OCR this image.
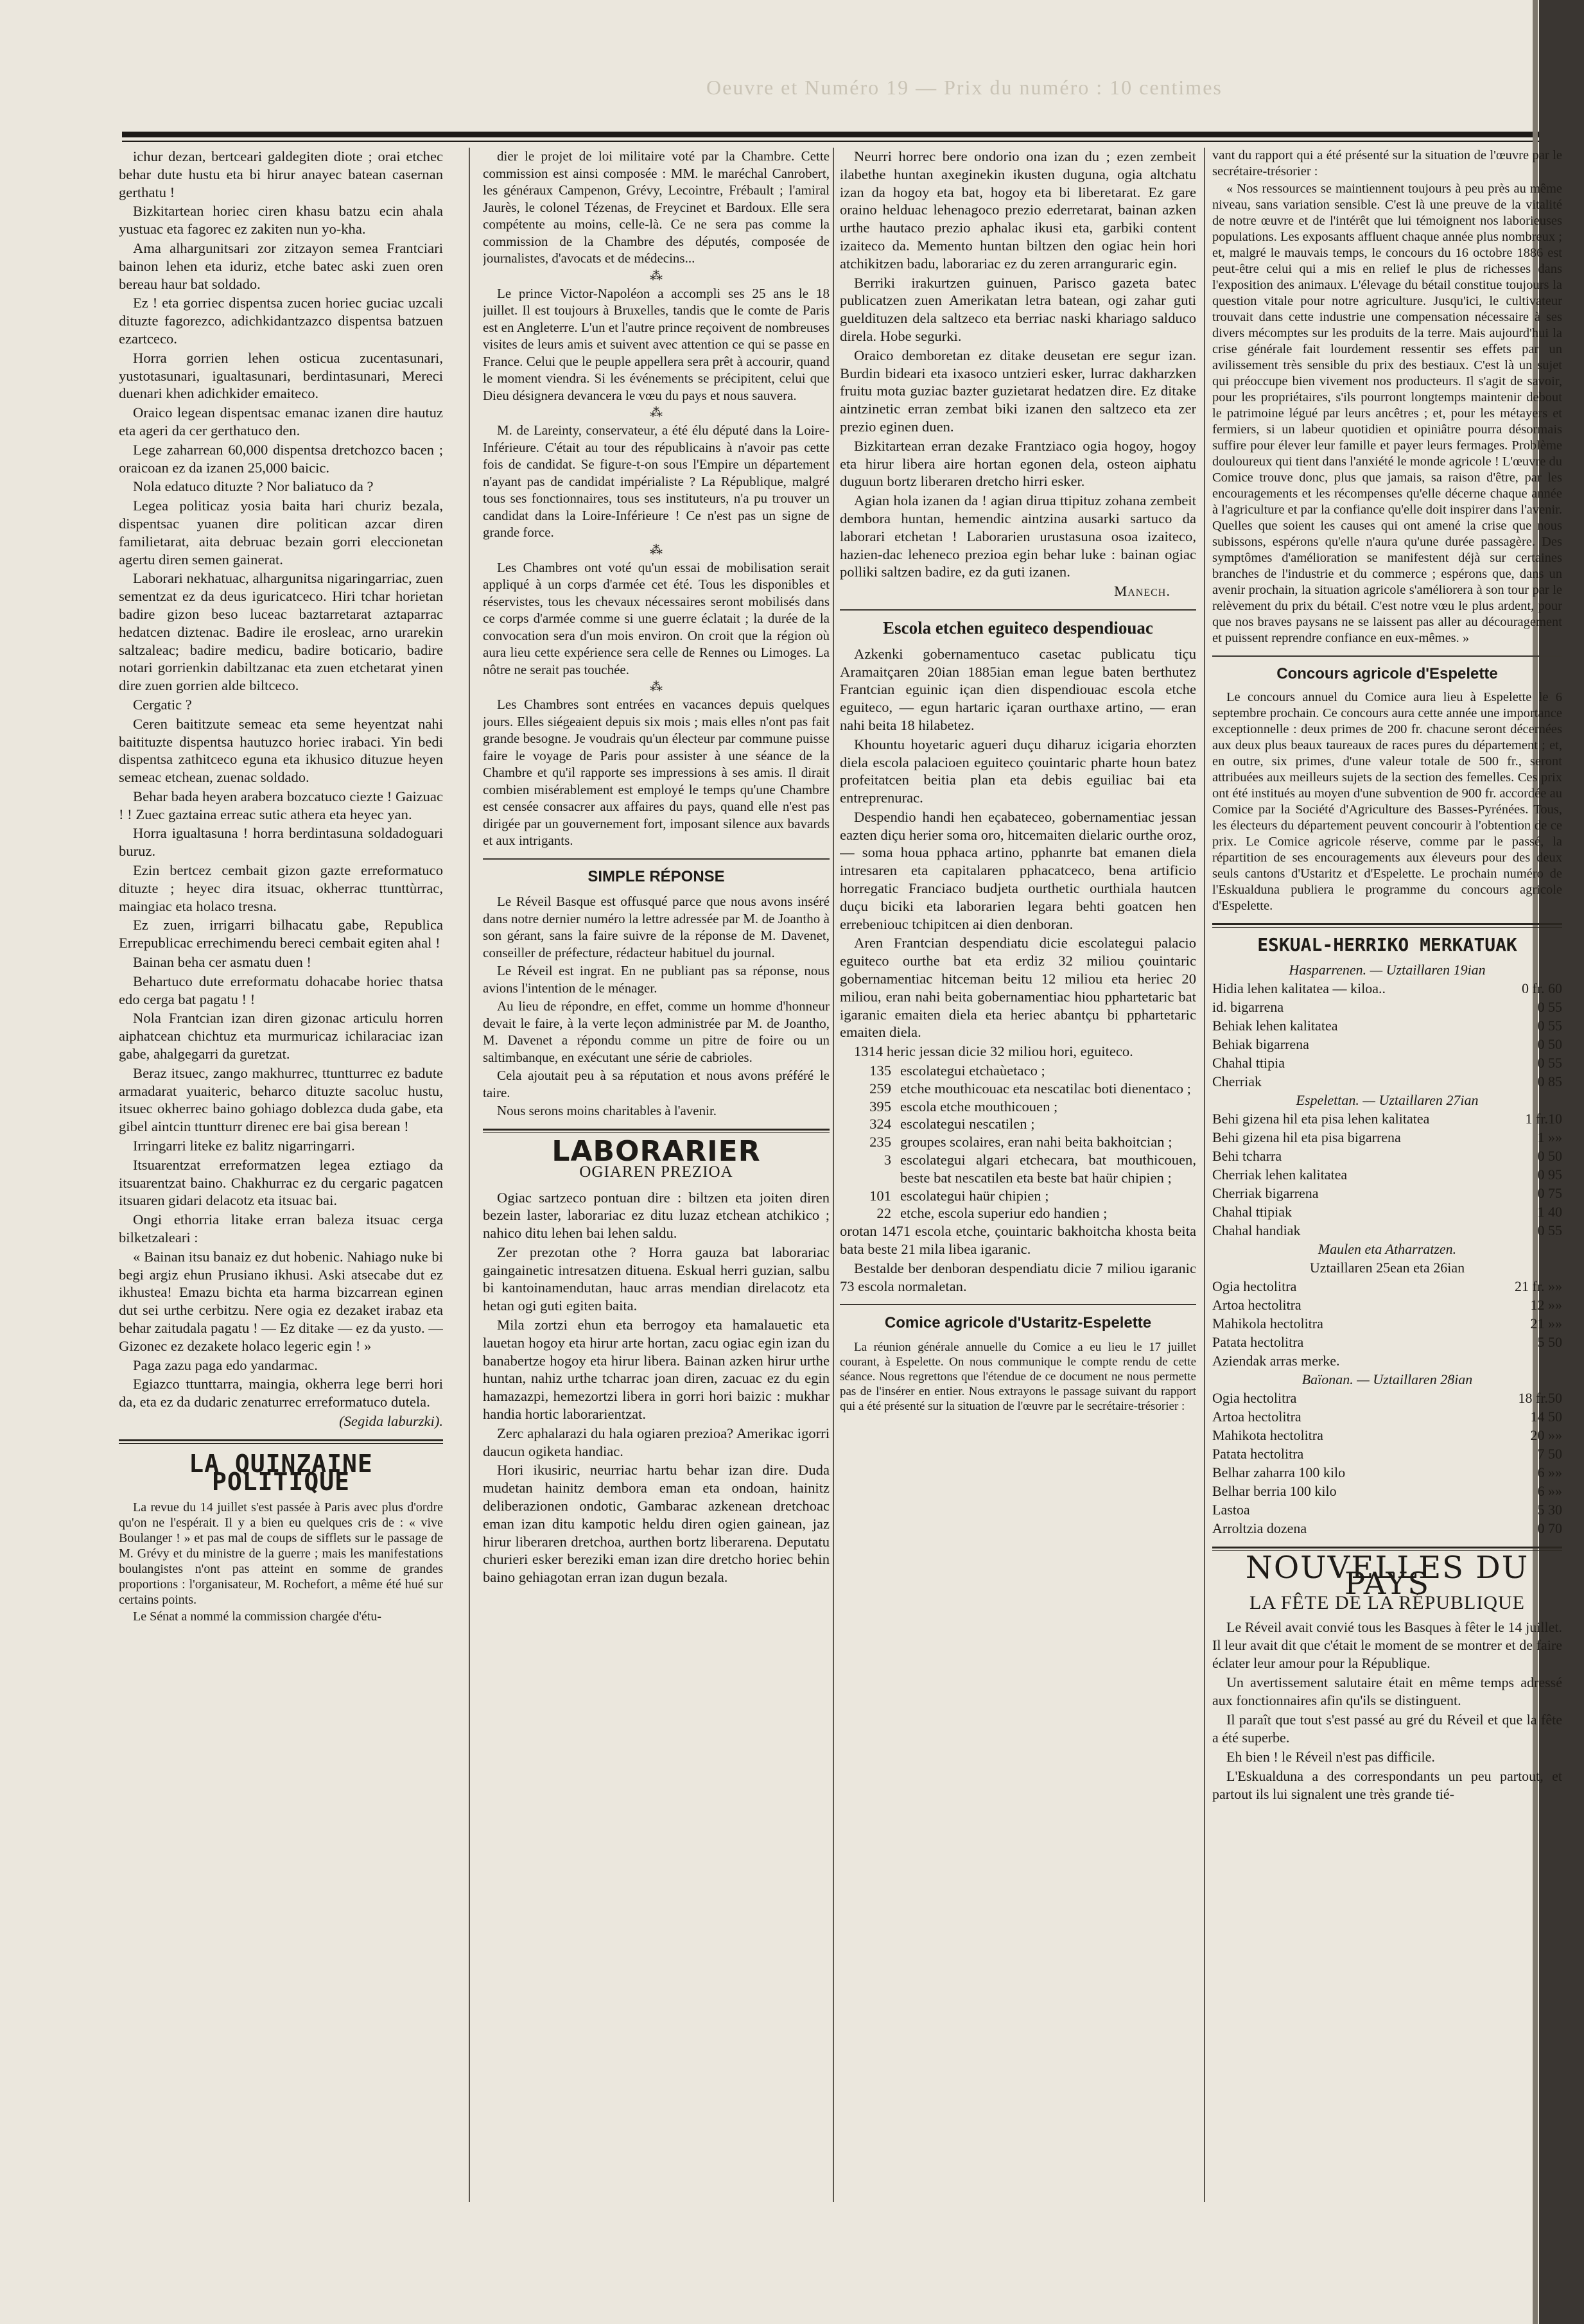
Oeuvre et Numéro 19 — Prix du numéro : 10 centimes

ichur dezan, bertceari galdegiten diote ; orai etchec behar dute hustu eta bi hirur anayec batean casernan gerthatu !

Bizkitartean horiec ciren khasu batzu ecin ahala yustuac eta fagorec ez zakiten nun yo-kha.

Ama alhargunitsari zor zitzayon semea Frantciari bainon lehen eta iduriz, etche batec aski zuen oren bereau haur bat soldado.

Ez ! eta gorriec dispentsa zucen horiec guciac uzcali dituzte fagorezco, adichkidantzazco dispentsa batzuen ezartceco.

Horra gorrien lehen osticua zucentasunari, yustotasunari, igualtasunari, berdintasunari, Mereci duenari khen adichkider emaiteco.

Oraico legean dispentsac emanac izanen dire hautuz eta ageri da cer gerthatuco den.

Lege zaharrean 60,000 dispentsa dretchozco bacen ; oraicoan ez da izanen 25,000 baicic.

Nola edatuco dituzte ? Nor baliatuco da ?

Legea politicaz yosia baita hari churiz bezala, dispentsac yuanen dire politican azcar diren familietarat, aita debruac bezain gorri eleccionetan agertu diren semen gainerat.

Laborari nekhatuac, alhargunitsa nigaringarriac, zuen sementzat ez da deus iguricatceco. Hiri tchar horietan badire gizon beso luceac baztarretarat aztaparrac hedatcen diztenac. Badire ile erosleac, arno urarekin saltzaleac; badire medicu, badire boticario, badire notari gorrienkin dabiltzanac eta zuen etchetarat yinen dire zuen gorrien alde biltceco.

Cergatic ?

Ceren baititzute semeac eta seme heyentzat nahi baitituzte dispentsa hautuzco horiec irabaci. Yin bedi dispentsa zathitceco eguna eta ikhusico dituzue heyen semeac etchean, zuenac soldado.

Behar bada heyen arabera bozcatuco ciezte ! Gaizuac ! ! Zuec gaztaina erreac sutic athera eta heyec yan.

Horra igualtasuna ! horra berdintasuna soldadoguari buruz.

Ezin bertcez cembait gizon gazte erreformatuco dituzte ; heyec dira itsuac, okherrac ttunttùrrac, maingiac eta holaco tresna.

Ez zuen, irrigarri bilhacatu gabe, Republica Errepublicac errechimendu bereci cembait egiten ahal !

Bainan beha cer asmatu duen !

Behartuco dute erreformatu dohacabe horiec thatsa edo cerga bat pagatu ! !

Nola Frantcian izan diren gizonac articulu horren aiphatcean chichtuz eta murmuricaz ichilaraciac izan gabe, ahalgegarri da guretzat.

Beraz itsuec, zango makhurrec, ttuntturrec ez badute armadarat yuaiteric, beharco dituzte sacoluc hustu, itsuec okherrec baino gohiago doblezca duda gabe, eta gibel aintcin ttuntturr direnec ere bai gisa berean !

Irringarri liteke ez balitz nigarringarri.

Itsuarentzat erreformatzen legea eztiago da itsuarentzat baino. Chakhurrac ez du cergaric pagatcen itsuaren gidari delacotz eta itsuac bai.

Ongi ethorria litake erran baleza itsuac cerga bilketzaleari :

« Bainan itsu banaiz ez dut hobenic. Nahiago nuke bi begi argiz ehun Prusiano ikhusi. Aski atsecabe dut ez ikhustea! Emazu bichta eta harma bizcarrean eginen dut sei urthe cerbitzu. Nere ogia ez dezaket irabaz eta behar zaitudala pagatu ! — Ez ditake — ez da yusto. — Gizonec ez dezakete holaco legeric egin ! »

Paga zazu paga edo yandarmac.

Egiazco ttunttarra, maingia, okherra lege berri hori da, eta ez da dudaric zenaturrec erreformatuco dutela.

(Segida laburzki).

LA QUINZAINE POLITIQUE

La revue du 14 juillet s'est passée à Paris avec plus d'ordre qu'on ne l'espérait. Il y a bien eu quelques cris de : « vive Boulanger ! » et pas mal de coups de sifflets sur le passage de M. Grévy et du ministre de la guerre ; mais les manifestations boulangistes n'ont pas atteint en somme de grandes proportions : l'organisateur, M. Rochefort, a même été hué sur certains points.

Le Sénat a nommé la commission chargée d'étu-

dier le projet de loi militaire voté par la Chambre. Cette commission est ainsi composée : MM. le maréchal Canrobert, les généraux Campenon, Grévy, Lecointre, Frébault ; l'amiral Jaurès, le colonel Tézenas, de Freycinet et Bardoux. Elle sera compétente au moins, celle-là. Ce ne sera pas comme la commission de la Chambre des députés, composée de journalistes, d'avocats et de médecins...

⁂

Le prince Victor-Napoléon a accompli ses 25 ans le 18 juillet. Il est toujours à Bruxelles, tandis que le comte de Paris est en Angleterre. L'un et l'autre prince reçoivent de nombreuses visites de leurs amis et suivent avec attention ce qui se passe en France. Celui que le peuple appellera sera prêt à accourir, quand le moment viendra. Si les événements se précipitent, celui que Dieu désignera devancera le vœu du pays et nous sauvera.

⁂

M. de Lareinty, conservateur, a été élu député dans la Loire-Inférieure. C'était au tour des républicains à n'avoir pas cette fois de candidat. Se figure-t-on sous l'Empire un département n'ayant pas de candidat impérialiste ? La République, malgré tous ses fonctionnaires, tous ses instituteurs, n'a pu trouver un candidat dans la Loire-Inférieure ! Ce n'est pas un signe de grande force.

⁂

Les Chambres ont voté qu'un essai de mobilisation serait appliqué à un corps d'armée cet été. Tous les disponibles et réservistes, tous les chevaux nécessaires seront mobilisés dans ce corps d'armée comme si une guerre éclatait ; la durée de la convocation sera d'un mois environ. On croit que la région où aura lieu cette expérience sera celle de Rennes ou Limoges. La nôtre ne serait pas touchée.

⁂

Les Chambres sont entrées en vacances depuis quelques jours. Elles siégeaient depuis six mois ; mais elles n'ont pas fait grande besogne. Je voudrais qu'un électeur par commune puisse faire le voyage de Paris pour assister à une séance de la Chambre et qu'il rapporte ses impressions à ses amis. Il dirait combien misérablement est employé le temps qu'une Chambre est censée consacrer aux affaires du pays, quand elle n'est pas dirigée par un gouvernement fort, imposant silence aux bavards et aux intrigants.

SIMPLE RÉPONSE

Le Réveil Basque est offusqué parce que nous avons inséré dans notre dernier numéro la lettre adressée par M. de Joantho à son gérant, sans la faire suivre de la réponse de M. Davenet, conseiller de préfecture, rédacteur habituel du journal.

Le Réveil est ingrat. En ne publiant pas sa réponse, nous avions l'intention de le ménager.

Au lieu de répondre, en effet, comme un homme d'honneur devait le faire, à la verte leçon administrée par M. de Joantho, M. Davenet a répondu comme un pitre de foire ou un saltimbanque, en exécutant une série de cabrioles.

Cela ajoutait peu à sa réputation et nous avons préféré le taire.

Nous serons moins charitables à l'avenir.

LABORARIER
OGIAREN PREZIOA

Ogiac sartzeco pontuan dire : biltzen eta joiten diren bezein laster, laborariac ez ditu luzaz etchean atchikico ; nahico ditu lehen bai lehen saldu.

Zer prezotan othe ? Horra gauza bat laborariac gaingainetic intresatzen dituena. Eskual herri guzian, salbu bi kantoinamendutan, hauc arras mendian direlacotz eta hetan ogi guti egiten baita.

Mila zortzi ehun eta berrogoy eta hamalauetic eta lauetan hogoy eta hirur arte hortan, zacu ogiac egin izan du banabertze hogoy eta hirur libera. Bainan azken hirur urthe huntan, nahiz urthe tcharrac joan diren, zacuac ez du egin hamazazpi, hemezortzi libera in gorri hori baizic : mukhar handia hortic laborarientzat.

Zerc aphalarazi du hala ogiaren prezioa? Amerikac igorri daucun ogiketa handiac.

Hori ikusiric, neurriac hartu behar izan dire. Duda mudetan hainitz dembora eman eta ondoan, hainitz deliberazionen ondotic, Gambarac azkenean dretchoac eman izan ditu kampotic heldu diren ogien gainean, jaz hirur liberaren dretchoa, aurthen bortz liberarena. Deputatu churieri esker bereziki eman izan dire dretcho horiec behin baino gehiagotan erran izan dugun bezala.

Neurri horrec bere ondorio ona izan du ; ezen zembeit ilabethe huntan axeginekin ikusten duguna, ogia altchatu izan da hogoy eta bat, hogoy eta bi liberetarat. Ez gare oraino helduac lehenagoco prezio ederretarat, bainan azken urthe hautaco prezio aphalac ikusi eta, garbiki content izaiteco da. Memento huntan biltzen den ogiac hein hori atchikitzen badu, laborariac ez du zeren arranguraric egin.

Berriki irakurtzen guinuen, Parisco gazeta batec publicatzen zuen Amerikatan letra batean, ogi zahar guti gueldituzen dela saltzeco eta berriac naski khariago salduco direla. Hobe segurki.

Oraico demboretan ez ditake deusetan ere segur izan. Burdin bideari eta ixasoco untzieri esker, lurrac dakharzken fruitu mota guziac bazter guzietarat hedatzen dire. Ez ditake aintzinetic erran zembat biki izanen den saltzeco eta zer prezio eginen duen.

Bizkitartean erran dezake Frantziaco ogia hogoy, hogoy eta hirur libera aire hortan egonen dela, osteon aiphatu duguun bortz liberaren dretcho hirri esker.

Agian hola izanen da ! agian dirua ttipituz zohana zembeit dembora huntan, hemendic aintzina ausarki sartuco da laborari etchetan ! Laborarien urustasuna osoa izaiteco, hazien-dac leheneco prezioa egin behar luke : bainan ogiac polliki saltzen badire, ez da guti izanen.

Manech.
Escola etchen eguiteco despendiouac

Azkenki gobernamentuco casetac publicatu tiçu Aramaitçaren 20ian 1885ian eman legue baten berthutez Frantcian eguinic içan dien dispendiouac escola etche eguiteco, — egun hartaric içaran ourthaxe artino, — eran nahi beita 18 hilabetez.

Khountu hoyetaric agueri duçu diharuz icigaria ehorzten diela escola palacioen eguiteco çouintaric pharte houn batez profeitatcen beitia plan eta debis eguiliac bai eta entreprenurac.

Despendio handi hen eçabateceo, gobernamentiac jessan eazten diçu herier soma oro, hitcemaiten dielaric ourthe oroz, — soma houa pphaca artino, pphanrte bat emanen diela intresaren eta capitalaren pphacatceco, bena artificio horregatic Franciaco budjeta ourthetic ourthiala hautcen duçu biciki eta laborarien legara behti goatcen hen errebeniouc tchipitcen ai dien denboran.

Aren Frantcian despendiatu dicie escolategui palacio eguiteco ourthe bat eta erdiz 32 miliou çouintaric gobernamentiac hitceman beitu 12 miliou eta heriec 20 miliou, eran nahi beita gobernamentiac hiou pphartetaric bat igaranic emaiten diela eta heriec abantçu bi pphartetaric emaiten diela.

1314 heric jessan dicie 32 miliou hori, eguiteco.

135 escolategui etchaùetaco ;
259 etche mouthicouac eta nescatilac boti dienentaco ;
395 escola etche mouthicouen ;
324 escolategui nescatilen ;
235 groupes scolaires, eran nahi beita bakhoitcian ;
3 escolategui algari etchecara, bat mouthicouen, beste bat nescatilen eta beste bat haür chipien ;
101 escolategui haür chipien ;
22 etche, escola superiur edo handien ;

orotan 1471 escola etche, çouintaric bakhoitcha khosta beita bata beste 21 mila libea igaranic.

Bestalde ber denboran despendiatu dicie 7 miliou igaranic 73 escola normaletan.

Comice agricole d'Ustaritz-Espelette

La réunion générale annuelle du Comice a eu lieu le 17 juillet courant, à Espelette. On nous communique le compte rendu de cette séance. Nous regrettons que l'étendue de ce document ne nous permette pas de l'insérer en entier. Nous extrayons le passage suivant du rapport qui a été présenté sur la situation de l'œuvre par le secrétaire-trésorier :

vant du rapport qui a été présenté sur la situation de l'œuvre par le secrétaire-trésorier :

« Nos ressources se maintiennent toujours à peu près au même niveau, sans variation sensible. C'est là une preuve de la vitalité de notre œuvre et de l'intérêt que lui témoignent nos laborieuses populations. Les exposants affluent chaque année plus nombreux ; et, malgré le mauvais temps, le concours du 16 octobre 1886 est peut-être celui qui a mis en relief le plus de richesses dans l'exposition des animaux. L'élevage du bétail constitue toujours la question vitale pour notre agriculture. Jusqu'ici, le cultivateur trouvait dans cette industrie une compensation nécessaire à ses divers mécomptes sur les produits de la terre. Mais aujourd'hui la crise générale fait lourdement ressentir ses effets par un avilissement très sensible du prix des bestiaux. C'est là un sujet qui préoccupe bien vivement nos producteurs. Il s'agit de savoir, pour les propriétaires, s'ils pourront longtemps maintenir debout le patrimoine légué par leurs ancêtres ; et, pour les métayers et fermiers, si un labeur quotidien et opiniâtre pourra désormais suffire pour élever leur famille et payer leurs fermages. Problème douloureux qui tient dans l'anxiété le monde agricole ! L'œuvre du Comice trouve donc, plus que jamais, sa raison d'être, par les encouragements et les récompenses qu'elle décerne chaque année à l'agriculture et par la confiance qu'elle doit inspirer dans l'avenir. Quelles que soient les causes qui ont amené la crise que nous subissons, espérons qu'elle n'aura qu'une durée passagère. Des symptômes d'amélioration se manifestent déjà sur certaines branches de l'industrie et du commerce ; espérons que, dans un avenir prochain, la situation agricole s'améliorera à son tour par le relèvement du prix du bétail. C'est notre vœu le plus ardent, pour que nos braves paysans ne se laissent pas aller au découragement et puissent reprendre confiance en eux-mêmes. »

Concours agricole d'Espelette

Le concours annuel du Comice aura lieu à Espelette le 6 septembre prochain. Ce concours aura cette année une importance exceptionnelle : deux primes de 200 fr. chacune seront décernées aux deux plus beaux taureaux de races pures du département ; et, en outre, six primes, d'une valeur totale de 500 fr., seront attribuées aux meilleurs sujets de la section des femelles. Ces prix ont été institués au moyen d'une subvention de 900 fr. accordée au Comice par la Société d'Agriculture des Basses-Pyrénées. Tous, les électeurs du département peuvent concourir à l'obtention de ce prix. Le Comice agricole réserve, comme par le passé, la répartition de ses encouragements aux éleveurs pour des deux seuls cantons d'Ustaritz et d'Espelette. Le prochain numéro de l'Eskualduna publiera le programme du concours agricole d'Espelette.

ESKUAL-HERRIKO MERKATUAK
Hasparrenen. — Uztaillaren 19ian
Hidia lehen kalitatea — kiloa..	0 fr. 60
id. bigarrena	0 55
Behiak lehen kalitatea	0 55
Behiak bigarrena	0 50
Chahal ttipia	0 55
Cherriak	0 85
Espelettan. — Uztaillaren 27ian
Behi gizena hil eta pisa lehen kalitatea	1 fr.10
Behi gizena hil eta pisa bigarrena	1 »»
Behi tcharra	0 50
Cherriak lehen kalitatea	0 95
Cherriak bigarrena	0 75
Chahal ttipiak	1 40
Chahal handiak	0 55
Maulen eta Atharratzen.
Uztaillaren 25ean eta 26ian
Ogia hectolitra	21 fr. »»
Artoa hectolitra	12 »»
Mahikola hectolitra	21 »»
Patata hectolitra	5 50
Aziendak arras merke.
Baïonan. — Uztaillaren 28ian
Ogia hectolitra	18 fr.50
Artoa hectolitra	14 50
Mahikota hectolitra	20 »»
Patata hectolitra	7 50
Belhar zaharra 100 kilo	6 »»
Belhar berria 100 kilo	6 »»
Lastoa	5 30
Arroltzia dozena	0 70
NOUVELLES DU PAYS
LA FÊTE DE LA RÉPUBLIQUE

Le Réveil avait convié tous les Basques à fêter le 14 juillet. Il leur avait dit que c'était le moment de se montrer et de faire éclater leur amour pour la République.

Un avertissement salutaire était en même temps adressé aux fonctionnaires afin qu'ils se distinguent.

Il paraît que tout s'est passé au gré du Réveil et que la fête a été superbe.

Eh bien ! le Réveil n'est pas difficile.

L'Eskualduna a des correspondants un peu partout, et partout ils lui signalent une très grande tié-
